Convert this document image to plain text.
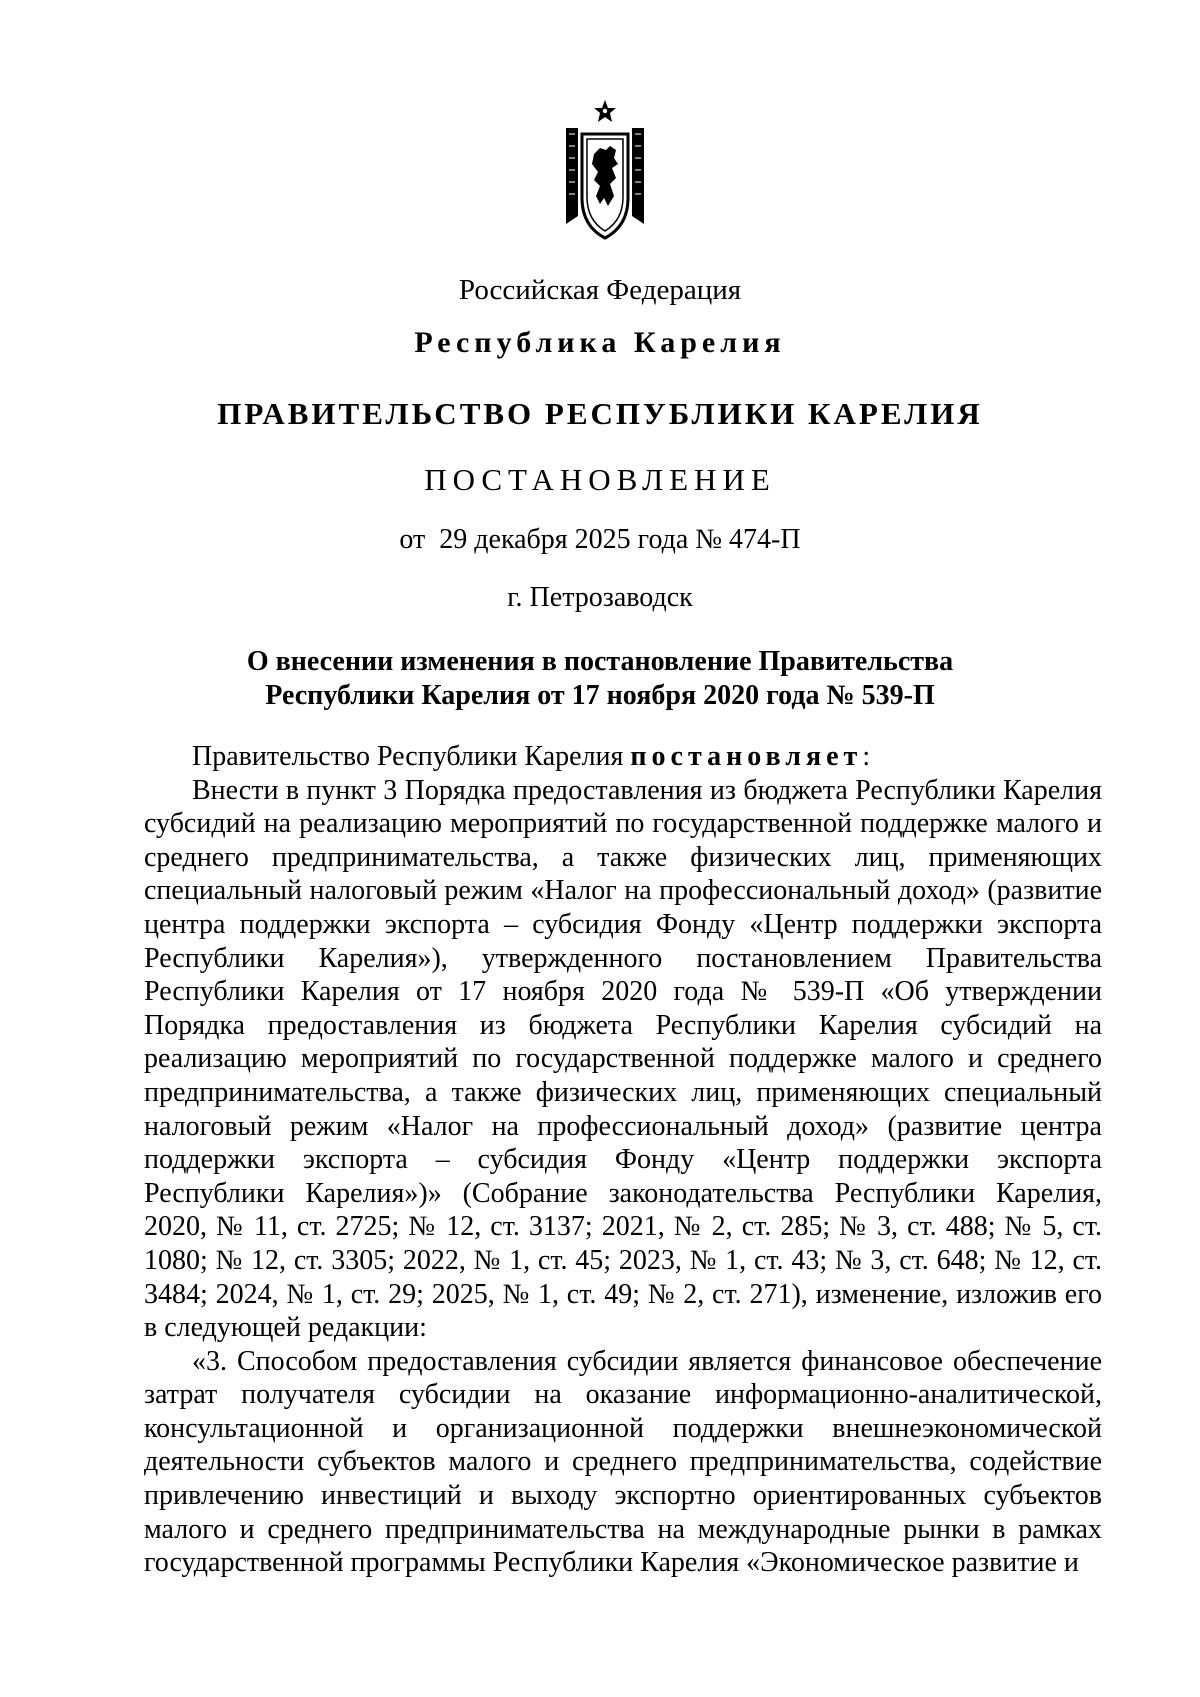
Российская Федерация
Республика Карелия
ПРАВИТЕЛЬСТВО РЕСПУБЛИКИ КАРЕЛИЯ
ПОСТАНОВЛЕНИЕ
от  29 декабря 2025 года № 474-П
г. Петрозаводск
О внесении изменения в постановление Правительства
Республики Карелия от 17 ноября 2020 года № 539-П

Правительство Республики Карелия постановляет:

Внести в пункт 3 Порядка предоставления из бюджета Республики Карелия субсидий на реализацию мероприятий по государственной поддержке малого и среднего предпринимательства, а также физических лиц, применяющих специальный налоговый режим «Налог на профессиональный доход» (развитие центра поддержки экспорта – субсидия Фонду «Центр поддержки экспорта Республики Карелия»), утвержденного постановлением Правительства Республики Карелия от 17 ноября 2020 года № 539-П «Об утверждении Порядка предоставления из бюджета Республики Карелия субсидий на реализацию мероприятий по государственной поддержке малого и среднего предпринимательства, а также физических лиц, применяющих специальный налоговый режим «Налог на профессиональный доход» (развитие центра поддержки экспорта – субсидия Фонду «Центр поддержки экспорта Республики Карелия»)» (Собрание законодательства Республики Карелия, 2020, № 11, ст. 2725; № 12, ст. 3137; 2021, № 2, ст. 285; № 3, ст. 488; № 5, ст. 1080; № 12, ст. 3305; 2022, № 1, ст. 45; 2023, № 1, ст. 43; № 3, ст. 648; № 12, ст. 3484; 2024, № 1, ст. 29; 2025, № 1, ст. 49; № 2, ст. 271), изменение, изложив его в следующей редакции:

«3. Способом предоставления субсидии является финансовое обеспечение затрат получателя субсидии на оказание информационно-аналитической, консультационной и организационной поддержки внешнеэкономической деятельности субъектов малого и среднего предпринимательства, содействие привлечению инвестиций и выходу экспортно ориентированных субъектов малого и среднего предпринимательства на международные рынки в рамках государственной программы Республики Карелия «Экономическое развитие и
